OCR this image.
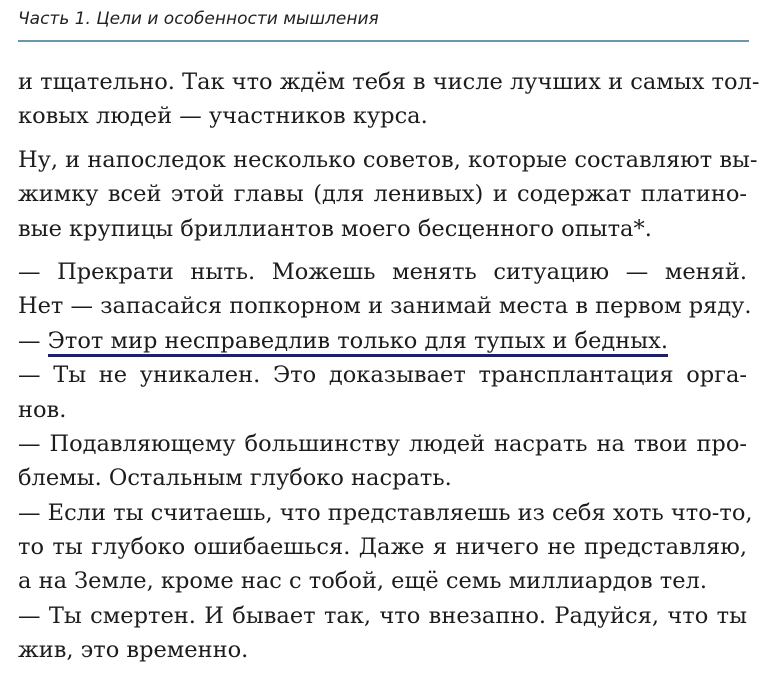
Часть 1. Цели и особенности мышления
и тщательно. Так что ждём тебя в числе лучших и самых тол-
ковых людей — участников курса.
Ну, и напоследок несколько советов, которые составляют вы-
жимку всей этой главы (для ленивых) и содержат платино-
вые крупицы бриллиантов моего бесценного опыта*.
— Прекрати ныть. Можешь менять ситуацию — меняй.
Нет — запасайся попкорном и занимай места в первом ряду.
— Этот мир несправедлив только для тупых и бедных.
— Ты не уникален. Это доказывает трансплантация орга-
нов.
— Подавляющему большинству людей насрать на твои про-
блемы. Остальным глубоко насрать.
— Если ты считаешь, что представляешь из себя хоть что-то,
то ты глубоко ошибаешься. Даже я ничего не представляю,
а на Земле, кроме нас с тобой, ещё семь миллиардов тел.
— Ты смертен. И бывает так, что внезапно. Радуйся, что ты
жив, это временно.
